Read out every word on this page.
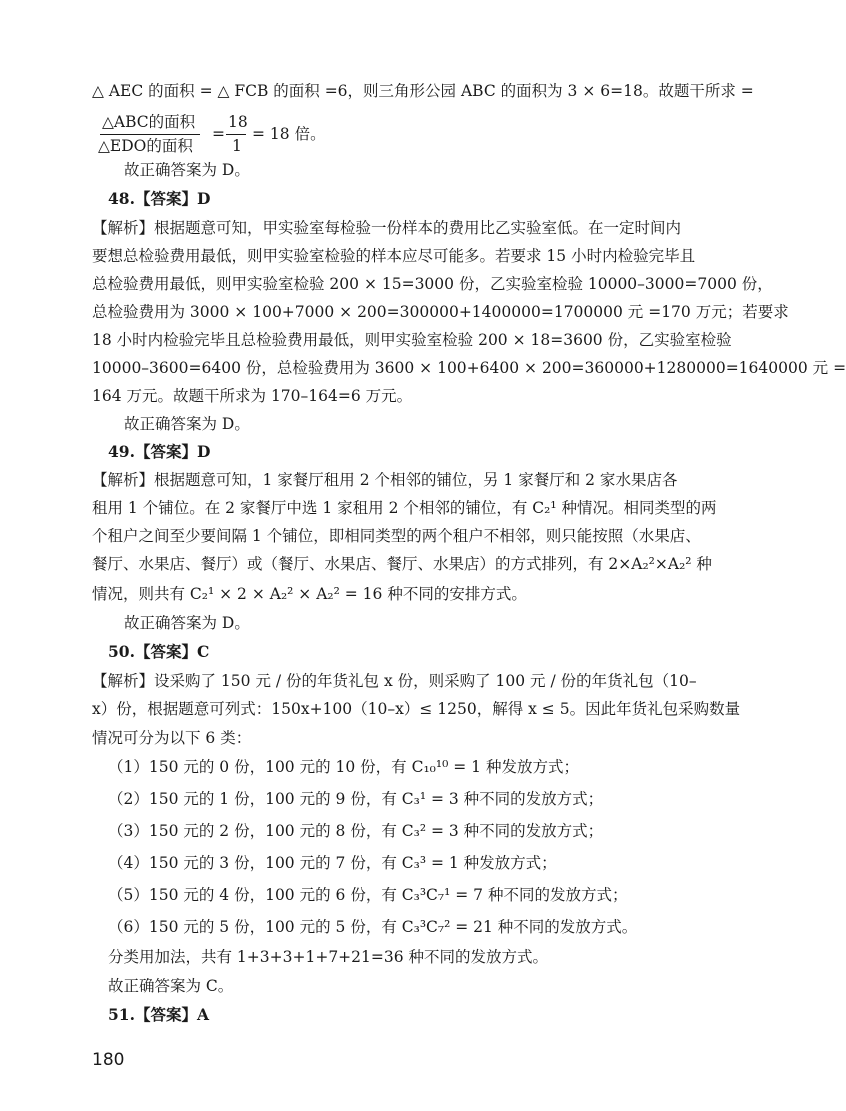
△ AEC 的面积 = △ FCB 的面积 =6，则三角形公园 ABC 的面积为 3 × 6=18。故题干所求 =
△ABC的面积
△EDO的面积
=
18
1
= 18 倍。
故正确答案为 D。
48.【答案】D
【解析】根据题意可知，甲实验室每检验一份样本的费用比乙实验室低。在一定时间内
要想总检验费用最低，则甲实验室检验的样本应尽可能多。若要求 15 小时内检验完毕且
总检验费用最低，则甲实验室检验 200 × 15=3000 份，乙实验室检验 10000–3000=7000 份，
总检验费用为 3000 × 100+7000 × 200=300000+1400000=1700000 元 =170 万元；若要求
18 小时内检验完毕且总检验费用最低，则甲实验室检验 200 × 18=3600 份，乙实验室检验
10000–3600=6400 份，总检验费用为 3600 × 100+6400 × 200=360000+1280000=1640000 元 =
164 万元。故题干所求为 170–164=6 万元。
故正确答案为 D。
49.【答案】D
【解析】根据题意可知，1 家餐厅租用 2 个相邻的铺位，另 1 家餐厅和 2 家水果店各
租用 1 个铺位。在 2 家餐厅中选 1 家租用 2 个相邻的铺位，有 C₂¹ 种情况。相同类型的两
个租户之间至少要间隔 1 个铺位，即相同类型的两个租户不相邻，则只能按照（水果店、
餐厅、水果店、餐厅）或（餐厅、水果店、餐厅、水果店）的方式排列，有 2×A₂²×A₂² 种
情况，则共有 C₂¹ × 2 × A₂² × A₂² = 16 种不同的安排方式。
故正确答案为 D。
50.【答案】C
【解析】设采购了 150 元 / 份的年货礼包 x 份，则采购了 100 元 / 份的年货礼包（10–
x）份，根据题意可列式：150x+100（10–x）≤ 1250，解得 x ≤ 5。因此年货礼包采购数量
情况可分为以下 6 类：
（1）150 元的 0 份，100 元的 10 份，有 C₁₀¹⁰ = 1 种发放方式；
（2）150 元的 1 份，100 元的 9 份，有 C₃¹ = 3 种不同的发放方式；
（3）150 元的 2 份，100 元的 8 份，有 C₃² = 3 种不同的发放方式；
（4）150 元的 3 份，100 元的 7 份，有 C₃³ = 1 种发放方式；
（5）150 元的 4 份，100 元的 6 份，有 C₃³C₇¹ = 7 种不同的发放方式；
（6）150 元的 5 份，100 元的 5 份，有 C₃³C₇² = 21 种不同的发放方式。
分类用加法，共有 1+3+3+1+7+21=36 种不同的发放方式。
故正确答案为 C。
51.【答案】A
180
